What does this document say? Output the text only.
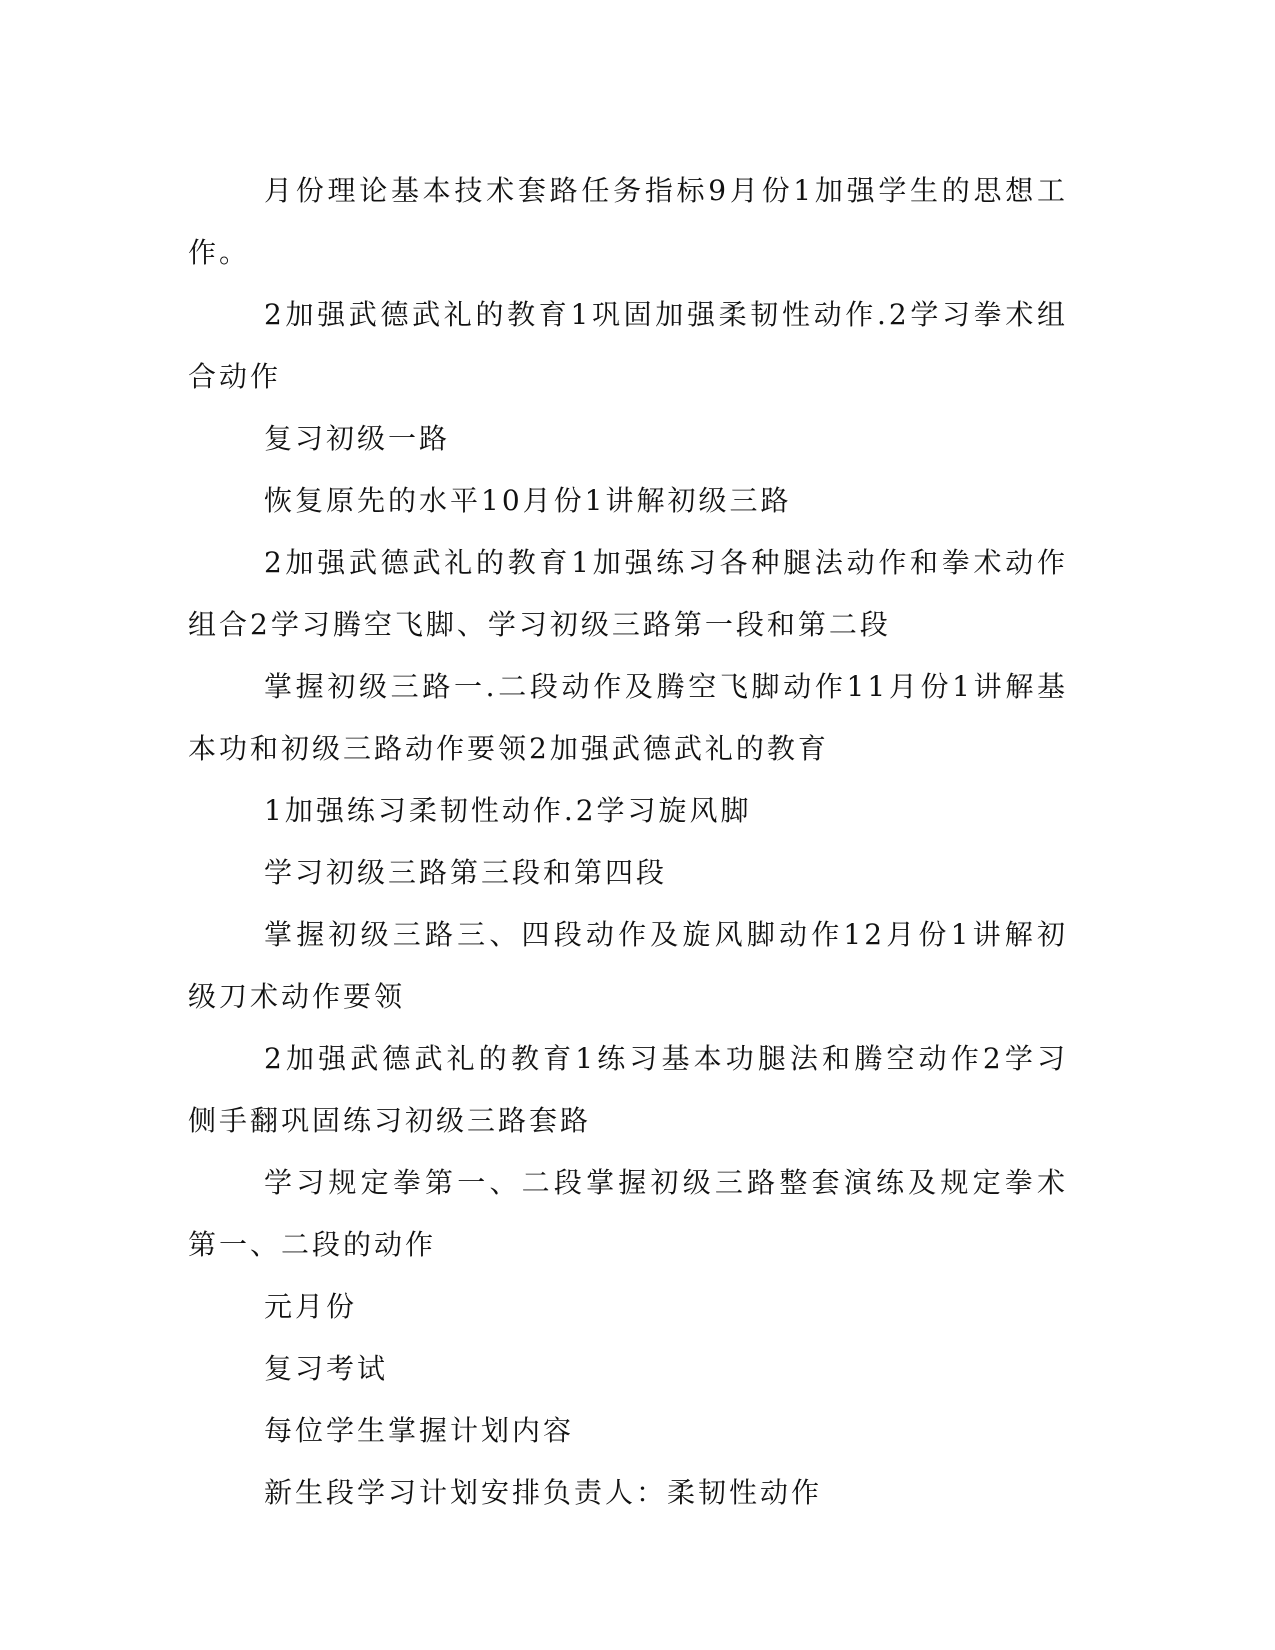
月份理论基本技术套路任务指标9月份1加强学生的思想工作。

2加强武德武礼的教育1巩固加强柔韧性动作.2学习拳术组合动作

复习初级一路

恢复原先的水平10月份1讲解初级三路

2加强武德武礼的教育1加强练习各种腿法动作和拳术动作组合2学习腾空飞脚、学习初级三路第一段和第二段

掌握初级三路一.二段动作及腾空飞脚动作11月份1讲解基本功和初级三路动作要领2加强武德武礼的教育

1加强练习柔韧性动作.2学习旋风脚

学习初级三路第三段和第四段

掌握初级三路三、四段动作及旋风脚动作12月份1讲解初级刀术动作要领

2加强武德武礼的教育1练习基本功腿法和腾空动作2学习侧手翻巩固练习初级三路套路

学习规定拳第一、二段掌握初级三路整套演练及规定拳术第一、二段的动作

元月份

复习考试

每位学生掌握计划内容

新生段学习计划安排负责人：柔韧性动作
